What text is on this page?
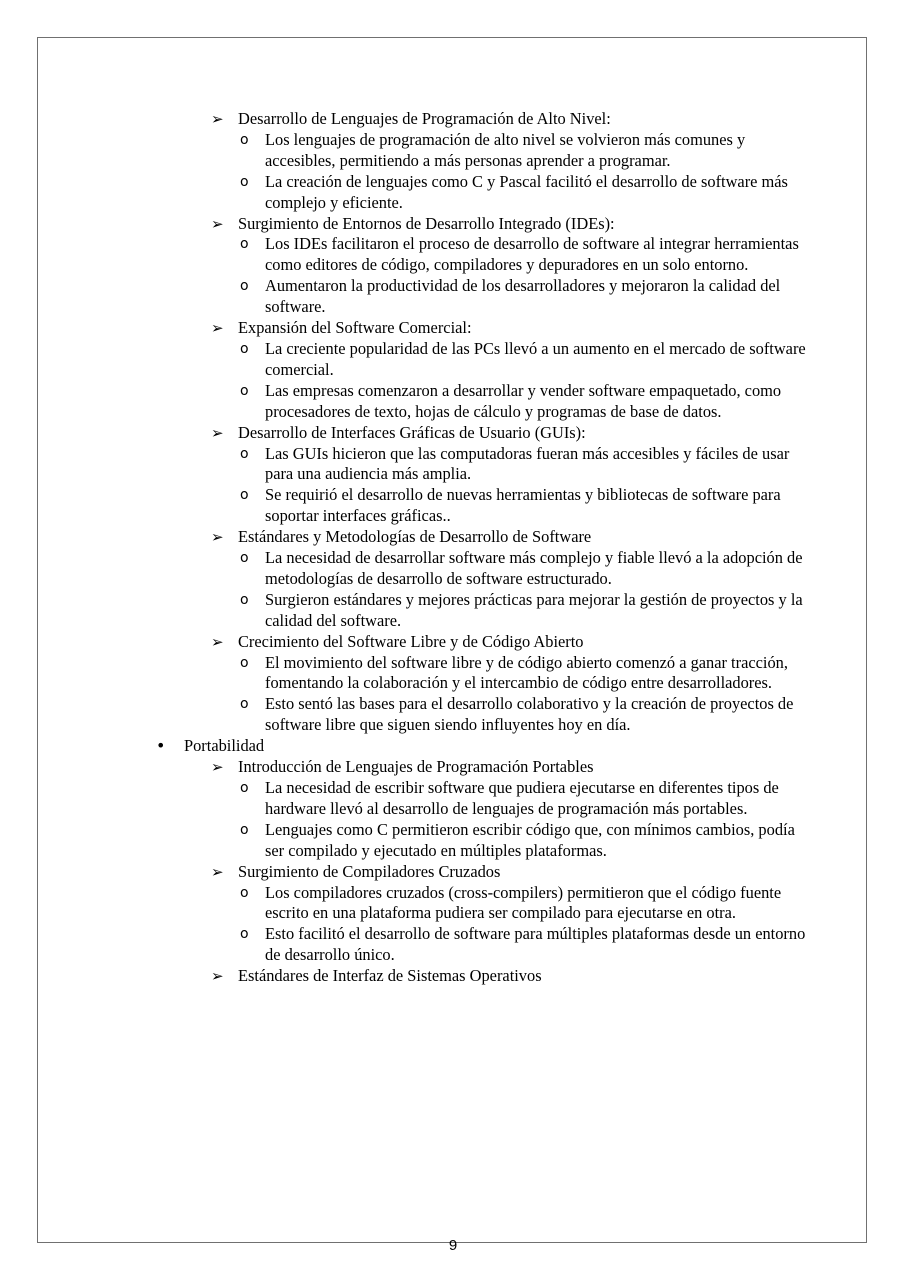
➢ Desarrollo de Lenguajes de Programación de Alto Nivel:
o Los lenguajes de programación de alto nivel se volvieron más comunes y accesibles, permitiendo a más personas aprender a programar.
o La creación de lenguajes como C y Pascal facilitó el desarrollo de software más complejo y eficiente.
➢ Surgimiento de Entornos de Desarrollo Integrado (IDEs):
o Los IDEs facilitaron el proceso de desarrollo de software al integrar herramientas como editores de código, compiladores y depuradores en un solo entorno.
o Aumentaron la productividad de los desarrolladores y mejoraron la calidad del software.
➢ Expansión del Software Comercial:
o La creciente popularidad de las PCs llevó a un aumento en el mercado de software comercial.
o Las empresas comenzaron a desarrollar y vender software empaquetado, como procesadores de texto, hojas de cálculo y programas de base de datos.
➢ Desarrollo de Interfaces Gráficas de Usuario (GUIs):
o Las GUIs hicieron que las computadoras fueran más accesibles y fáciles de usar para una audiencia más amplia.
o Se requirió el desarrollo de nuevas herramientas y bibliotecas de software para soportar interfaces gráficas..
➢ Estándares y Metodologías de Desarrollo de Software
o La necesidad de desarrollar software más complejo y fiable llevó a la adopción de metodologías de desarrollo de software estructurado.
o Surgieron estándares y mejores prácticas para mejorar la gestión de proyectos y la calidad del software.
➢ Crecimiento del Software Libre y de Código Abierto
o El movimiento del software libre y de código abierto comenzó a ganar tracción, fomentando la colaboración y el intercambio de código entre desarrolladores.
o Esto sentó las bases para el desarrollo colaborativo y la creación de proyectos de software libre que siguen siendo influyentes hoy en día.
• Portabilidad
➢ Introducción de Lenguajes de Programación Portables
o La necesidad de escribir software que pudiera ejecutarse en diferentes tipos de hardware llevó al desarrollo de lenguajes de programación más portables.
o Lenguajes como C permitieron escribir código que, con mínimos cambios, podía ser compilado y ejecutado en múltiples plataformas.
➢ Surgimiento de Compiladores Cruzados
o Los compiladores cruzados (cross-compilers) permitieron que el código fuente escrito en una plataforma pudiera ser compilado para ejecutarse en otra.
o Esto facilitó el desarrollo de software para múltiples plataformas desde un entorno de desarrollo único.
➢ Estándares de Interfaz de Sistemas Operativos
9
